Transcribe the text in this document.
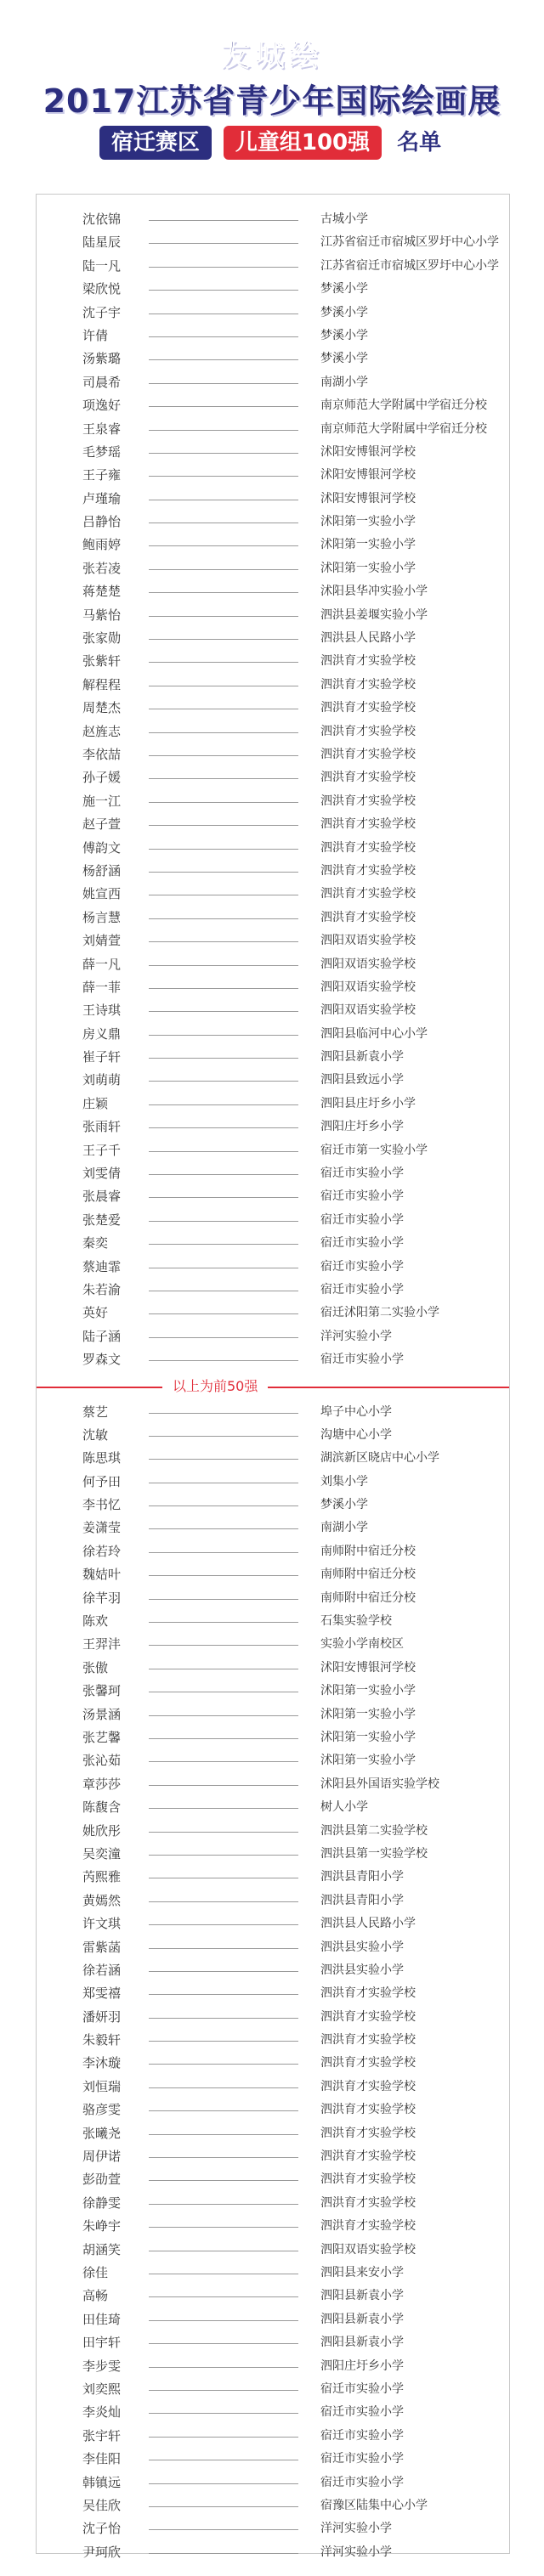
友城绘
2017江苏省青少年国际绘画展
宿迁赛区	儿童组100强	名单
沈依锦	古城小学
陆星辰	江苏省宿迁市宿城区罗圩中心小学
陆一凡	江苏省宿迁市宿城区罗圩中心小学
梁欣悦	梦溪小学
沈子宇	梦溪小学
许倩	梦溪小学
汤紫璐	梦溪小学
司晨希	南湖小学
项逸好	南京师范大学附属中学宿迁分校
王泉睿	南京师范大学附属中学宿迁分校
毛梦瑶	沭阳安博银河学校
王子雍	沭阳安博银河学校
卢瑾瑜	沭阳安博银河学校
吕静怡	沭阳第一实验小学
鲍雨婷	沭阳第一实验小学
张若凌	沭阳第一实验小学
蒋楚楚	沭阳县华冲实验小学
马紫怡	泗洪县姜堰实验小学
张家勋	泗洪县人民路小学
张紫轩	泗洪育才实验学校
解程程	泗洪育才实验学校
周楚杰	泗洪育才实验学校
赵旌志	泗洪育才实验学校
李依喆	泗洪育才实验学校
孙子媛	泗洪育才实验学校
施一江	泗洪育才实验学校
赵子萱	泗洪育才实验学校
傅韵文	泗洪育才实验学校
杨舒涵	泗洪育才实验学校
姚宣西	泗洪育才实验学校
杨言慧	泗洪育才实验学校
刘婧萱	泗阳双语实验学校
薛一凡	泗阳双语实验学校
薛一菲	泗阳双语实验学校
王诗琪	泗阳双语实验学校
房义鼎	泗阳县临河中心小学
崔子轩	泗阳县新袁小学
刘萌萌	泗阳县致远小学
庄颖	泗阳县庄圩乡小学
张雨轩	泗阳庄圩乡小学
王子千	宿迁市第一实验小学
刘雯倩	宿迁市实验小学
张晨睿	宿迁市实验小学
张楚爱	宿迁市实验小学
秦奕	宿迁市实验小学
蔡迪霏	宿迁市实验小学
朱若渝	宿迁市实验小学
英好	宿迁沭阳第二实验小学
陆子涵	洋河实验小学
罗森文	宿迁市实验小学
以上为前50强
蔡艺	埠子中心小学
沈敏	沟塘中心小学
陈思琪	湖滨新区晓店中心小学
何予田	刘集小学
李书忆	梦溪小学
姜潇莹	南湖小学
徐若玲	南师附中宿迁分校
魏姞叶	南师附中宿迁分校
徐芊羽	南师附中宿迁分校
陈欢	石集实验学校
王羿沣	实验小学南校区
张傲	沭阳安博银河学校
张馨珂	沭阳第一实验小学
汤景涵	沭阳第一实验小学
张艺馨	沭阳第一实验小学
张沁茹	沭阳第一实验小学
章莎莎	沭阳县外国语实验学校
陈馥含	树人小学
姚欣彤	泗洪县第二实验学校
吴奕潼	泗洪县第一实验学校
芮熙雅	泗洪县青阳小学
黄嫣然	泗洪县青阳小学
许文琪	泗洪县人民路小学
雷紫菡	泗洪县实验小学
徐若涵	泗洪县实验小学
郑雯禧	泗洪育才实验学校
潘妍羽	泗洪育才实验学校
朱毅轩	泗洪育才实验学校
李沐璇	泗洪育才实验学校
刘恒瑞	泗洪育才实验学校
骆彦雯	泗洪育才实验学校
张曦尧	泗洪育才实验学校
周伊诺	泗洪育才实验学校
彭劭萱	泗洪育才实验学校
徐静雯	泗洪育才实验学校
朱峥宇	泗洪育才实验学校
胡涵笑	泗阳双语实验学校
徐佳	泗阳县来安小学
高畅	泗阳县新袁小学
田佳琦	泗阳县新袁小学
田宇轩	泗阳县新袁小学
李步雯	泗阳庄圩乡小学
刘奕熙	宿迁市实验小学
李炎灿	宿迁市实验小学
张宇轩	宿迁市实验小学
李佳阳	宿迁市实验小学
韩镇远	宿迁市实验小学
吴佳欣	宿豫区陆集中心小学
沈子怡	洋河实验小学
尹珂欣	洋河实验小学
